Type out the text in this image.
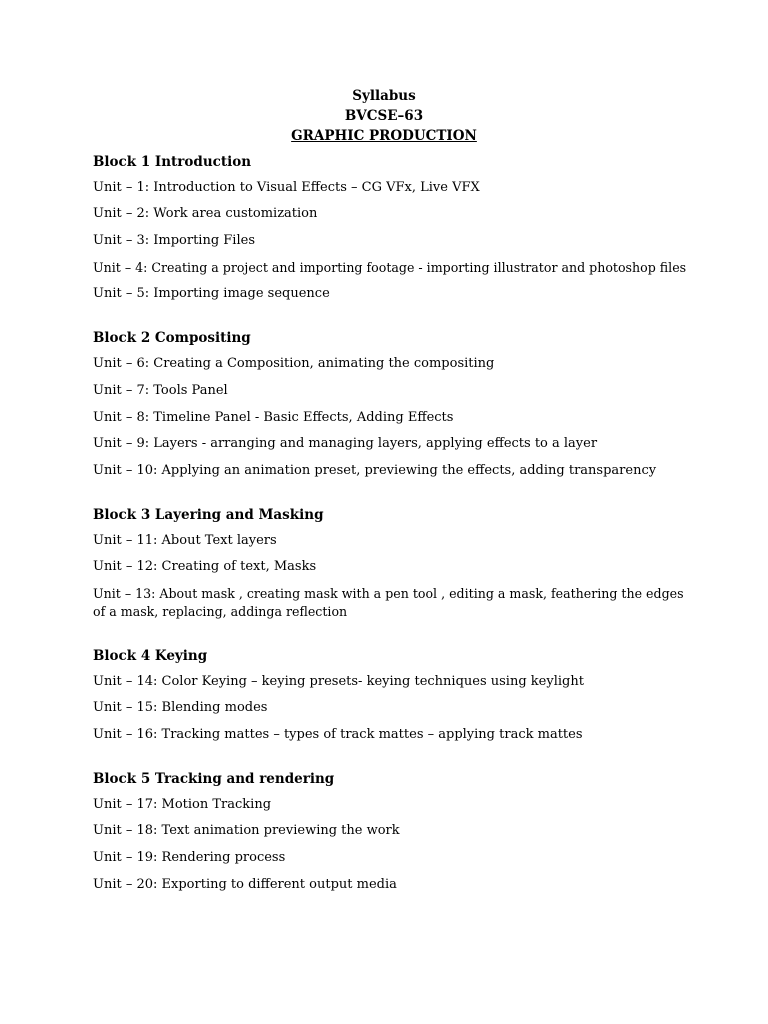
Syllabus
BVCSE–63
GRAPHIC PRODUCTION
Block 1 Introduction
Unit – 1: Introduction to Visual Effects – CG VFx, Live VFX
Unit – 2: Work area customization
Unit – 3: Importing Files
Unit – 4: Creating a project and importing footage - importing illustrator and photoshop files
Unit – 5: Importing image sequence
Block 2 Compositing
Unit – 6: Creating a Composition, animating the compositing
Unit – 7: Tools Panel
Unit – 8: Timeline Panel - Basic Effects, Adding Effects
Unit – 9: Layers - arranging and managing layers, applying effects to a layer
Unit – 10: Applying an animation preset, previewing the effects, adding transparency
Block 3 Layering and Masking
Unit – 11: About Text layers
Unit – 12: Creating of text, Masks
Unit – 13: About mask , creating mask with a pen tool , editing a mask, feathering the edges of a mask, replacing, addinga reflection
Block 4 Keying
Unit – 14: Color Keying – keying presets- keying techniques using keylight
Unit – 15: Blending modes
Unit – 16: Tracking mattes – types of track mattes – applying track mattes
Block 5 Tracking and rendering
Unit – 17: Motion Tracking
Unit – 18: Text animation previewing the work
Unit – 19: Rendering process
Unit – 20: Exporting to different output media
